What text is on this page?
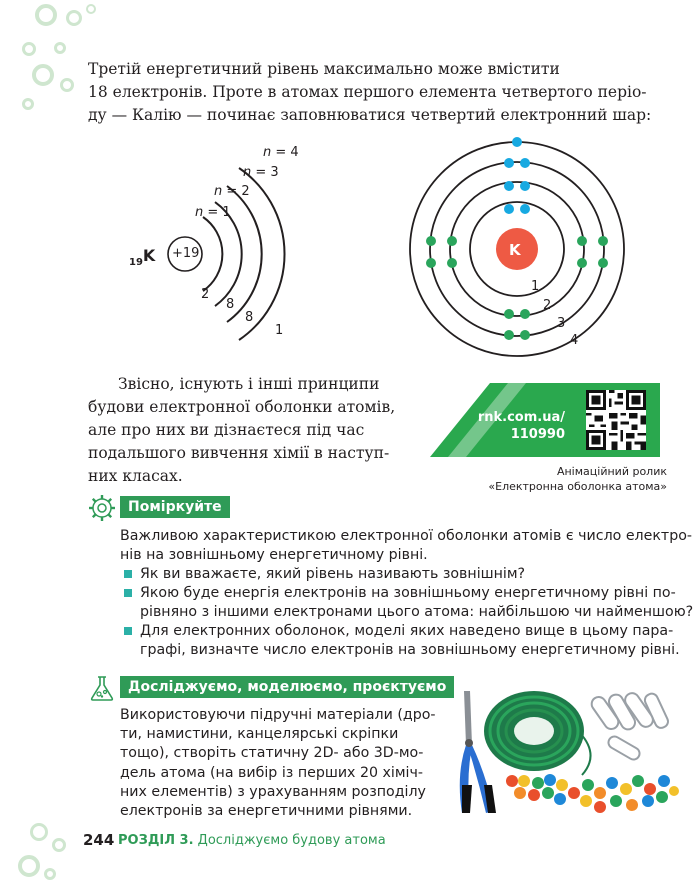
Третій енергетичний рівень максимально може вмістити
18 електронів. Проте в атомах першого елемента четвертого періо-
ду — Калію — починає заповнюватися четвертий електронний шар:
$_{19}$K +19
n = 1
n = 2
n = 3
n = 4
2
8
8
1
K
1
2
3
4
Звісно, існують і інші принципи
будови електронної оболонки атомів,
але про них ви дізнаєтеся під час
подальшого вивчення хімії в наступ-
них класах.
rnk.com.ua/
110990
Анімаційний ролик
«Електронна оболонка атома»
Поміркуйте
Важливою характеристикою електронної оболонки атомів є число електро-
нів на зовнішньому енергетичному рівні.
Як ви вважаєте, який рівень називають зовнішнім?
Якою буде енергія електронів на зовнішньому енергетичному рівні по-
рівняно з іншими електронами цього атома: найбільшою чи найменшою?
Для електронних оболонок, моделі яких наведено вище в цьому пара-
графі, визначте число електронів на зовнішньому енергетичному рівні.
Досліджуємо, моделюємо, проєктуємо
Використовуючи підручні матеріали (дро-
ти, намистини, канцелярські скріпки
тощо), створіть статичну 2D- або 3D-мо-
дель атома (на вибір із перших 20 хіміч-
них елементів) з урахуванням розподілу
електронів за енергетичними рівнями.
244 РОЗДІЛ 3. Досліджуємо будову атома
